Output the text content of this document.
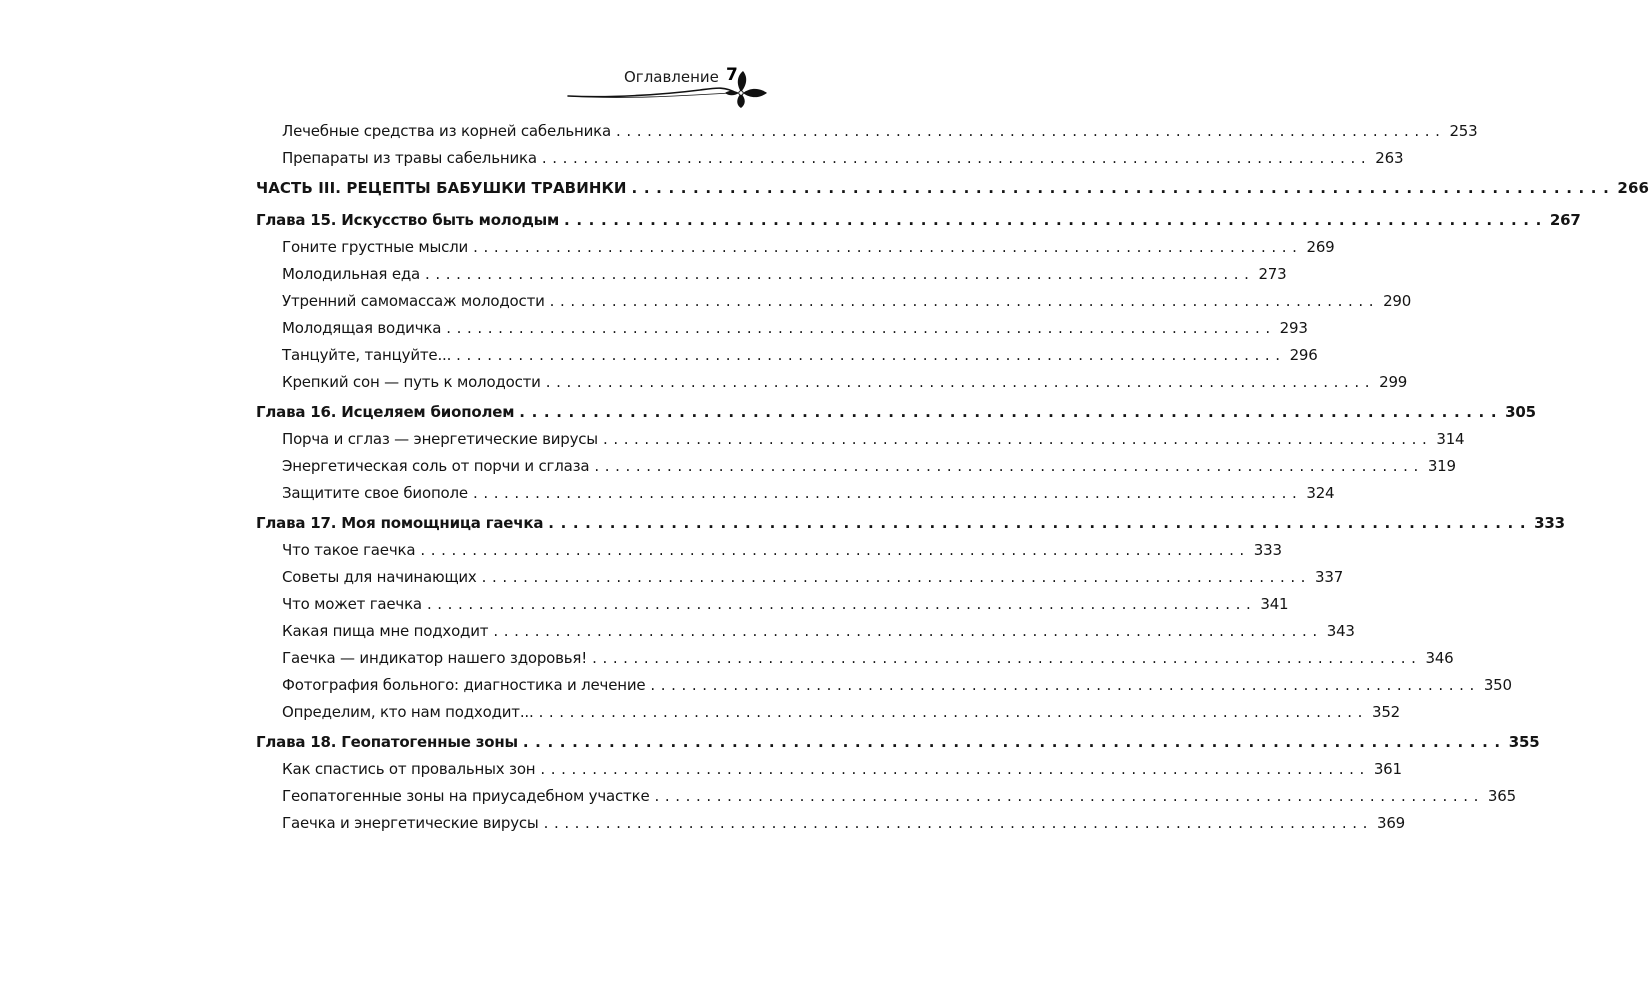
Оглавление 7
Лечебные средства из корней сабельника ................................................................................ 253
Препараты из травы сабельника ................................................................................ 263
ЧАСТЬ III. РЕЦЕПТЫ БАБУШКИ ТРАВИНКИ ................................................................................ 266
Глава 15. Искусство быть молодым ................................................................................ 267
Гоните грустные мысли ................................................................................ 269
Молодильная еда ................................................................................ 273
Утренний самомассаж молодости ................................................................................ 290
Молодящая водичка ................................................................................ 293
Танцуйте, танцуйте... ................................................................................ 296
Крепкий сон — путь к молодости ................................................................................ 299
Глава 16. Исцеляем биополем ................................................................................ 305
Порча и сглаз — энергетические вирусы ................................................................................ 314
Энергетическая соль от порчи и сглаза ................................................................................ 319
Защитите свое биополе ................................................................................ 324
Глава 17. Моя помощница гаечка ................................................................................ 333
Что такое гаечка ................................................................................ 333
Советы для начинающих ................................................................................ 337
Что может гаечка ................................................................................ 341
Какая пища мне подходит ................................................................................ 343
Гаечка — индикатор нашего здоровья! ................................................................................ 346
Фотография больного: диагностика и лечение ................................................................................ 350
Определим, кто нам подходит... ................................................................................ 352
Глава 18. Геопатогенные зоны ................................................................................ 355
Как спастись от провальных зон ................................................................................ 361
Геопатогенные зоны на приусадебном участке ................................................................................ 365
Гаечка и энергетические вирусы ................................................................................ 369
